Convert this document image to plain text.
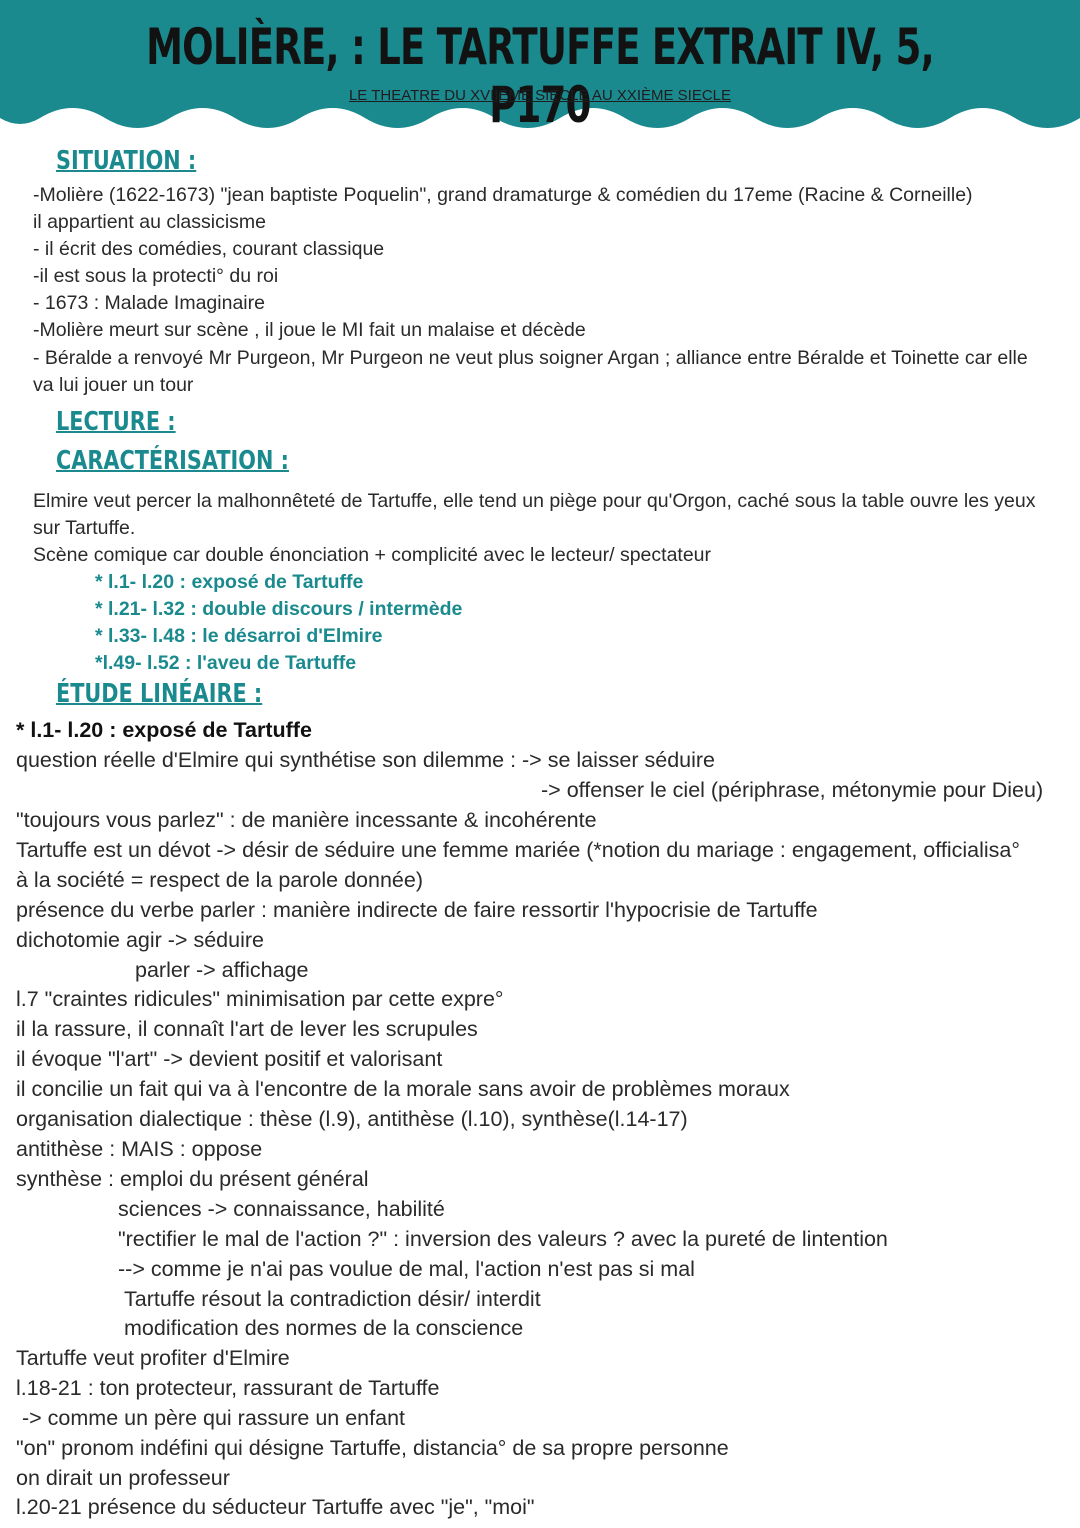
MOLIÈRE, : LE TARTUFFE EXTRAIT IV, 5, P170
LE THEATRE DU XVIIÈME SIECLE AU XXIÈME SIECLE
SITUATION :
-Molière (1622-1673) "jean baptiste Poquelin", grand dramaturge & comédien du 17eme (Racine & Corneille)
il appartient au classicisme
- il écrit des comédies, courant classique
-il est sous la protecti° du roi
- 1673 : Malade Imaginaire
-Molière meurt sur scène , il joue le MI fait un malaise et décède
- Béralde a renvoyé Mr Purgeon, Mr Purgeon ne veut plus soigner Argan ; alliance entre Béralde et Toinette car elle
va lui jouer un tour
LECTURE :
CARACTÉRISATION :
Elmire veut percer la malhonnêteté de Tartuffe, elle tend un piège pour qu'Orgon, caché sous la table ouvre les yeux
sur Tartuffe.
Scène comique car double énonciation + complicité avec le lecteur/ spectateur
* l.1- l.20 : exposé de Tartuffe
* l.21- l.32 : double discours / intermède
* l.33- l.48 : le désarroi d'Elmire
*l.49- l.52 : l'aveu de Tartuffe
ÉTUDE LINÉAIRE :
* l.1- l.20 : exposé de Tartuffe
question réelle d'Elmire qui synthétise son dilemme : -> se laisser séduire
-> offenser le ciel (périphrase, métonymie pour Dieu)
"toujours vous parlez" : de manière incessante & incohérente
Tartuffe est un dévot -> désir de séduire une femme mariée (*notion du mariage : engagement, officialisa°
à la société = respect de la parole donnée)
présence du verbe parler : manière indirecte de faire ressortir l'hypocrisie de Tartuffe
dichotomie agir -> séduire
parler -> affichage
l.7 "craintes ridicules" minimisation par cette expre°
il la rassure, il connaît l'art de lever les scrupules
il évoque "l'art" -> devient positif et valorisant
il concilie un fait qui va à l'encontre de la morale sans avoir de problèmes moraux
organisation dialectique : thèse (l.9), antithèse (l.10), synthèse(l.14-17)
antithèse : MAIS : oppose
synthèse : emploi du présent général
sciences -> connaissance, habilité
"rectifier le mal de l'action ?" : inversion des valeurs ? avec la pureté de lintention
--> comme je n'ai pas voulue de mal, l'action n'est pas si mal
Tartuffe résout la contradiction désir/ interdit
modification des normes de la conscience
Tartuffe veut profiter d'Elmire
l.18-21 : ton protecteur, rassurant de Tartuffe
-> comme un père qui rassure un enfant
"on" pronom indéfini qui désigne Tartuffe, distancia° de sa propre personne
on dirait un professeur
l.20-21 présence du séducteur Tartuffe avec "je", "moi"
